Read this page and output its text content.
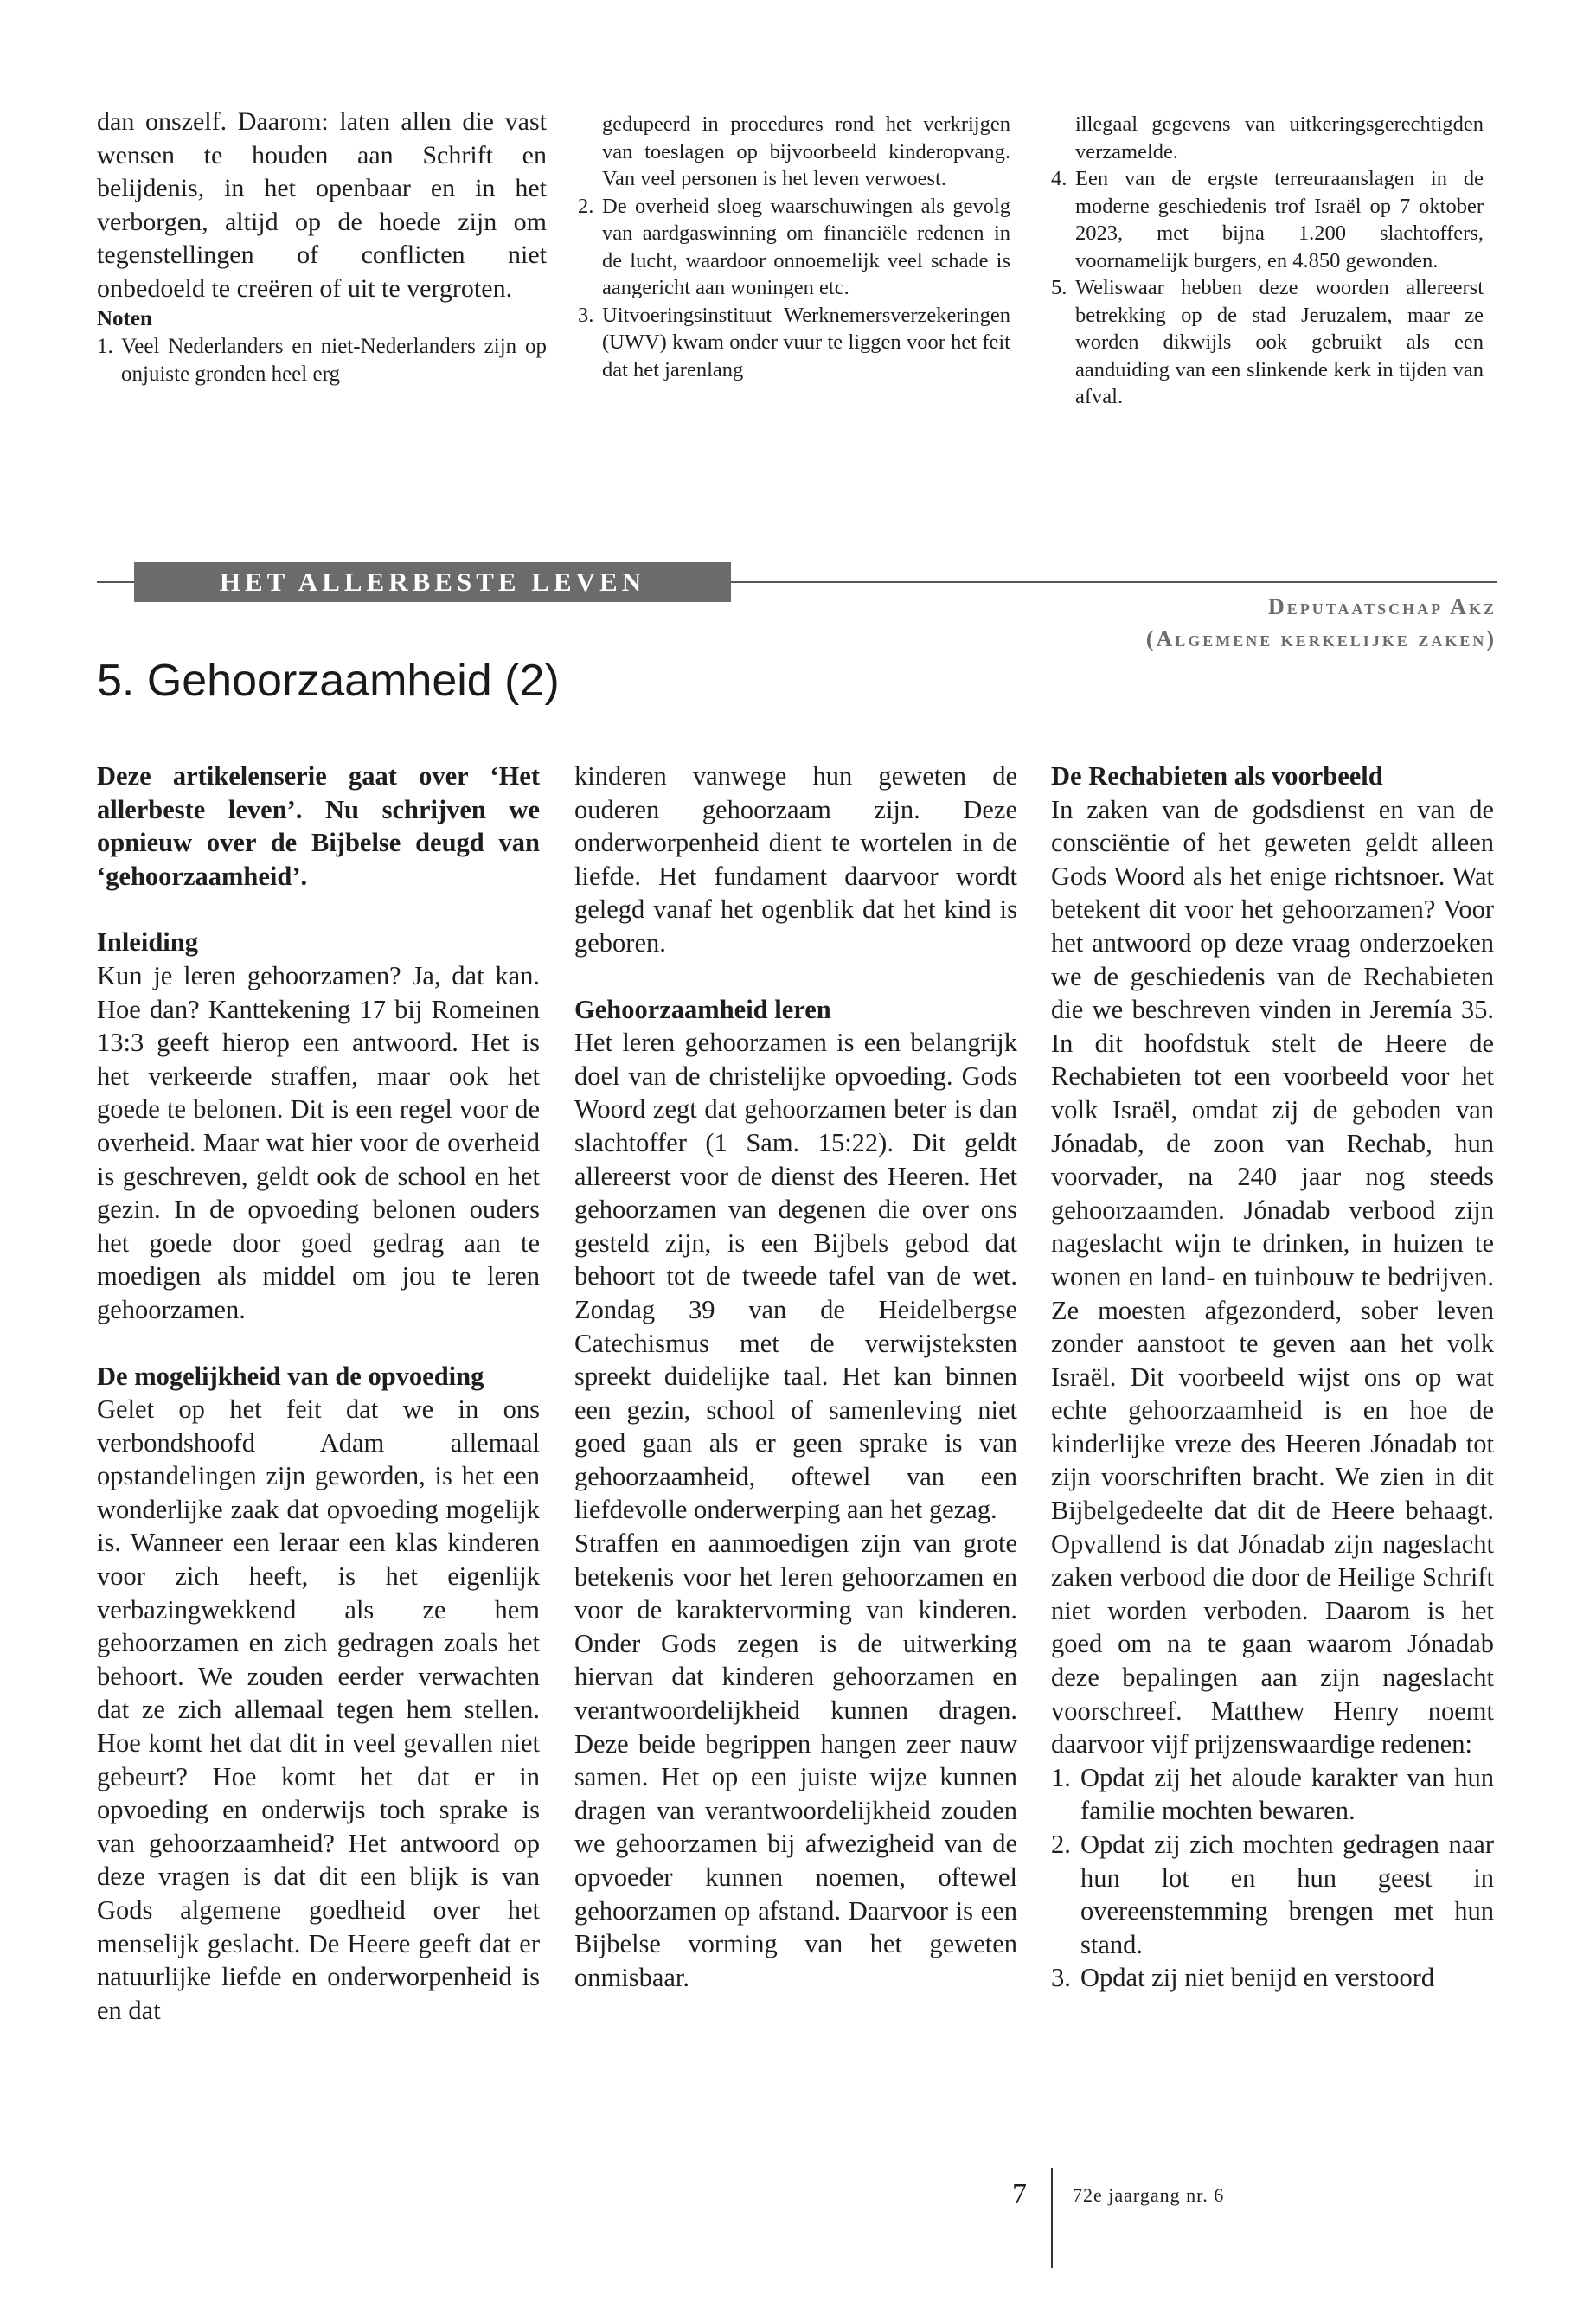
dan onszelf. Daarom: laten allen die vast wensen te houden aan Schrift en belijdenis, in het openbaar en in het verborgen, altijd op de hoede zijn om tegenstellingen of conflicten niet onbedoeld te creëren of uit te vergroten.

Noten

1. Veel Nederlanders en niet-Nederlanders zijn op onjuiste gronden heel erg

gedupeerd in procedures rond het verkrijgen van toeslagen op bijvoorbeeld kinderopvang. Van veel personen is het leven verwoest.

2. De overheid sloeg waarschuwingen als gevolg van aardgaswinning om financiële redenen in de lucht, waardoor onnoemelijk veel schade is aangericht aan woningen etc.

3. Uitvoeringsinstituut Werknemersverzekeringen (UWV) kwam onder vuur te liggen voor het feit dat het jarenlang

illegaal gegevens van uitkeringsgerechtigden verzamelde.

4. Een van de ergste terreuraanslagen in de moderne geschiedenis trof Israël op 7 oktober 2023, met bijna 1.200 slachtoffers, voornamelijk burgers, en 4.850 gewonden.

5. Weliswaar hebben deze woorden allereerst betrekking op de stad Jeruzalem, maar ze worden dikwijls ook gebruikt als een aanduiding van een slinkende kerk in tijden van afval.

HET ALLERBESTE LEVEN
Deputaatschap Akz
(Algemene kerkelijke zaken)
5. Gehoorzaamheid (2)

Deze artikelenserie gaat over ‘Het allerbeste leven’. Nu schrijven we opnieuw over de Bijbelse deugd van ‘gehoorzaamheid’.

Inleiding

Kun je leren gehoorzamen? Ja, dat kan. Hoe dan? Kanttekening 17 bij Romeinen 13:3 geeft hierop een antwoord. Het is het verkeerde straffen, maar ook het goede te belonen. Dit is een regel voor de overheid. Maar wat hier voor de overheid is geschreven, geldt ook de school en het gezin. In de opvoeding belonen ouders het goede door goed gedrag aan te moedigen als middel om jou te leren gehoorzamen.

De mogelijkheid van de opvoeding

Gelet op het feit dat we in ons verbondshoofd Adam allemaal opstandelingen zijn geworden, is het een wonderlijke zaak dat opvoeding mogelijk is. Wanneer een leraar een klas kinderen voor zich heeft, is het eigenlijk verbazingwekkend als ze hem gehoorzamen en zich gedragen zoals het behoort. We zouden eerder verwachten dat ze zich allemaal tegen hem stellen. Hoe komt het dat dit in veel gevallen niet gebeurt? Hoe komt het dat er in opvoeding en onderwijs toch sprake is van gehoorzaamheid? Het antwoord op deze vragen is dat dit een blijk is van Gods algemene goedheid over het menselijk geslacht. De Heere geeft dat er natuurlijke liefde en onderworpenheid is en dat

kinderen vanwege hun geweten de ouderen gehoorzaam zijn. Deze onderworpenheid dient te wortelen in de liefde. Het fundament daarvoor wordt gelegd vanaf het ogenblik dat het kind is geboren.

Gehoorzaamheid leren

Het leren gehoorzamen is een belangrijk doel van de christelijke opvoeding. Gods Woord zegt dat gehoorzamen beter is dan slachtoffer (1 Sam. 15:22). Dit geldt allereerst voor de dienst des Heeren. Het gehoorzamen van degenen die over ons gesteld zijn, is een Bijbels gebod dat behoort tot de tweede tafel van de wet. Zondag 39 van de Heidelbergse Catechismus met de verwijsteksten spreekt duidelijke taal. Het kan binnen een gezin, school of samenleving niet goed gaan als er geen sprake is van gehoorzaamheid, oftewel van een liefdevolle onderwerping aan het gezag.

Straffen en aanmoedigen zijn van grote betekenis voor het leren gehoorzamen en voor de karaktervorming van kinderen. Onder Gods zegen is de uitwerking hiervan dat kinderen gehoorzamen en verantwoordelijkheid kunnen dragen. Deze beide begrippen hangen zeer nauw samen. Het op een juiste wijze kunnen dragen van verantwoordelijkheid zouden we gehoorzamen bij afwezigheid van de opvoeder kunnen noemen, oftewel gehoorzamen op afstand. Daarvoor is een Bijbelse vorming van het geweten onmisbaar.

De Rechabieten als voorbeeld

In zaken van de godsdienst en van de consciëntie of het geweten geldt alleen Gods Woord als het enige richtsnoer. Wat betekent dit voor het gehoorzamen? Voor het antwoord op deze vraag onderzoeken we de geschiedenis van de Rechabieten die we beschreven vinden in Jeremía 35. In dit hoofdstuk stelt de Heere de Rechabieten tot een voorbeeld voor het volk Israël, omdat zij de geboden van Jónadab, de zoon van Rechab, hun voorvader, na 240 jaar nog steeds gehoorzaamden. Jónadab verbood zijn nageslacht wijn te drinken, in huizen te wonen en land- en tuinbouw te bedrijven. Ze moesten afgezonderd, sober leven zonder aanstoot te geven aan het volk Israël. Dit voorbeeld wijst ons op wat echte gehoorzaamheid is en hoe de kinderlijke vreze des Heeren Jónadab tot zijn voorschriften bracht. We zien in dit Bijbelgedeelte dat dit de Heere behaagt. Opvallend is dat Jónadab zijn nageslacht zaken verbood die door de Heilige Schrift niet worden verboden. Daarom is het goed om na te gaan waarom Jónadab deze bepalingen aan zijn nageslacht voorschreef. Matthew Henry noemt daarvoor vijf prijzenswaardige redenen:

1. Opdat zij het aloude karakter van hun familie mochten bewaren.

2. Opdat zij zich mochten gedragen naar hun lot en hun geest in overeenstemming brengen met hun stand.

3. Opdat zij niet benijd en verstoord

7 72e jaargang nr. 6
